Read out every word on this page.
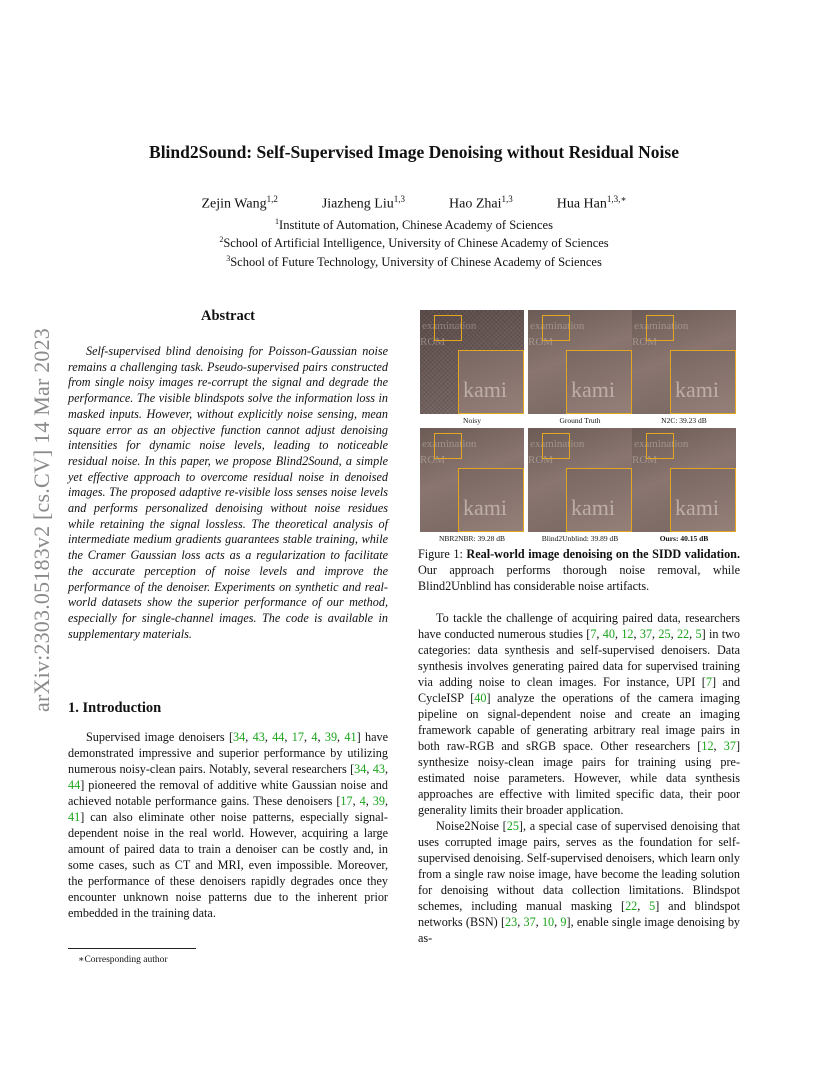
arXiv:2303.05183v2 [cs.CV] 14 Mar 2023
Blind2Sound: Self-Supervised Image Denoising without Residual Noise
Zejin Wang$^{1,2}$	Jiazheng Liu$^{1,3}$	Hao Zhai$^{1,3}$	Hua Han$^{1,3,∗}$
$^1$Institute of Automation, Chinese Academy of Sciences
$^2$School of Artificial Intelligence, University of Chinese Academy of Sciences
$^3$School of Future Technology, University of Chinese Academy of Sciences
Abstract
Self-supervised blind denoising for Poisson-Gaussian noise remains a challenging task. Pseudo-supervised pairs constructed from single noisy images re-corrupt the signal and degrade the performance. The visible blindspots solve the information loss in masked inputs. However, without explicitly noise sensing, mean square error as an objective function cannot adjust denoising intensities for dynamic noise levels, leading to noticeable residual noise. In this paper, we propose Blind2Sound, a simple yet effective approach to overcome residual noise in denoised images. The proposed adaptive re-visible loss senses noise levels and performs personalized denoising without noise residues while retaining the signal lossless. The theoretical analysis of intermediate medium gradients guarantees stable training, while the Cramer Gaussian loss acts as a regularization to facilitate the accurate perception of noise levels and improve the performance of the denoiser. Experiments on synthetic and real-world datasets show the superior performance of our method, especially for single-channel images. The code is available in supplementary materials.
1. Introduction

Supervised image denoisers [34, 43, 44, 17, 4, 39, 41] have demonstrated impressive and superior performance by utilizing numerous noisy-clean pairs. Notably, several researchers [34, 43, 44] pioneered the removal of additive white Gaussian noise and achieved notable performance gains. These denoisers [17, 4, 39, 41] can also eliminate other noise patterns, especially signal-dependent noise in the real world. However, acquiring a large amount of paired data to train a denoiser can be costly and, in some cases, such as CT and MRI, even impossible. Moreover, the performance of these denoisers rapidly degrades once they encounter unknown noise patterns due to the inherent prior embedded in the training data.

∗Corresponding author
examination
ROM
kami
Noisy
examination
ROM
kami
Ground Truth
examination
ROM
kami
N2C: 39.23 dB
examination
ROM
kami
NBR2NBR: 39.28 dB
examination
ROM
kami
Blind2Unblind: 39.89 dB
examination
ROM
kami
Ours: 40.15 dB
Figure 1: Real-world image denoising on the SIDD validation. Our approach performs thorough noise removal, while Blind2Unblind has considerable noise artifacts.

To tackle the challenge of acquiring paired data, researchers have conducted numerous studies [7, 40, 12, 37, 25, 22, 5] in two categories: data synthesis and self-supervised denoisers. Data synthesis involves generating paired data for supervised training via adding noise to clean images. For instance, UPI [7] and CycleISP [40] analyze the operations of the camera imaging pipeline on signal-dependent noise and create an imaging framework capable of generating arbitrary real image pairs in both raw-RGB and sRGB space. Other researchers [12, 37] synthesize noisy-clean image pairs for training using pre-estimated noise parameters. However, while data synthesis approaches are effective with limited specific data, their poor generality limits their broader application.

Noise2Noise [25], a special case of supervised denoising that uses corrupted image pairs, serves as the foundation for self-supervised denoising. Self-supervised denoisers, which learn only from a single raw noise image, have become the leading solution for denoising without data collection limitations. Blindspot schemes, including manual masking [22, 5] and blindspot networks (BSN) [23, 37, 10, 9], enable single image denoising by as-
